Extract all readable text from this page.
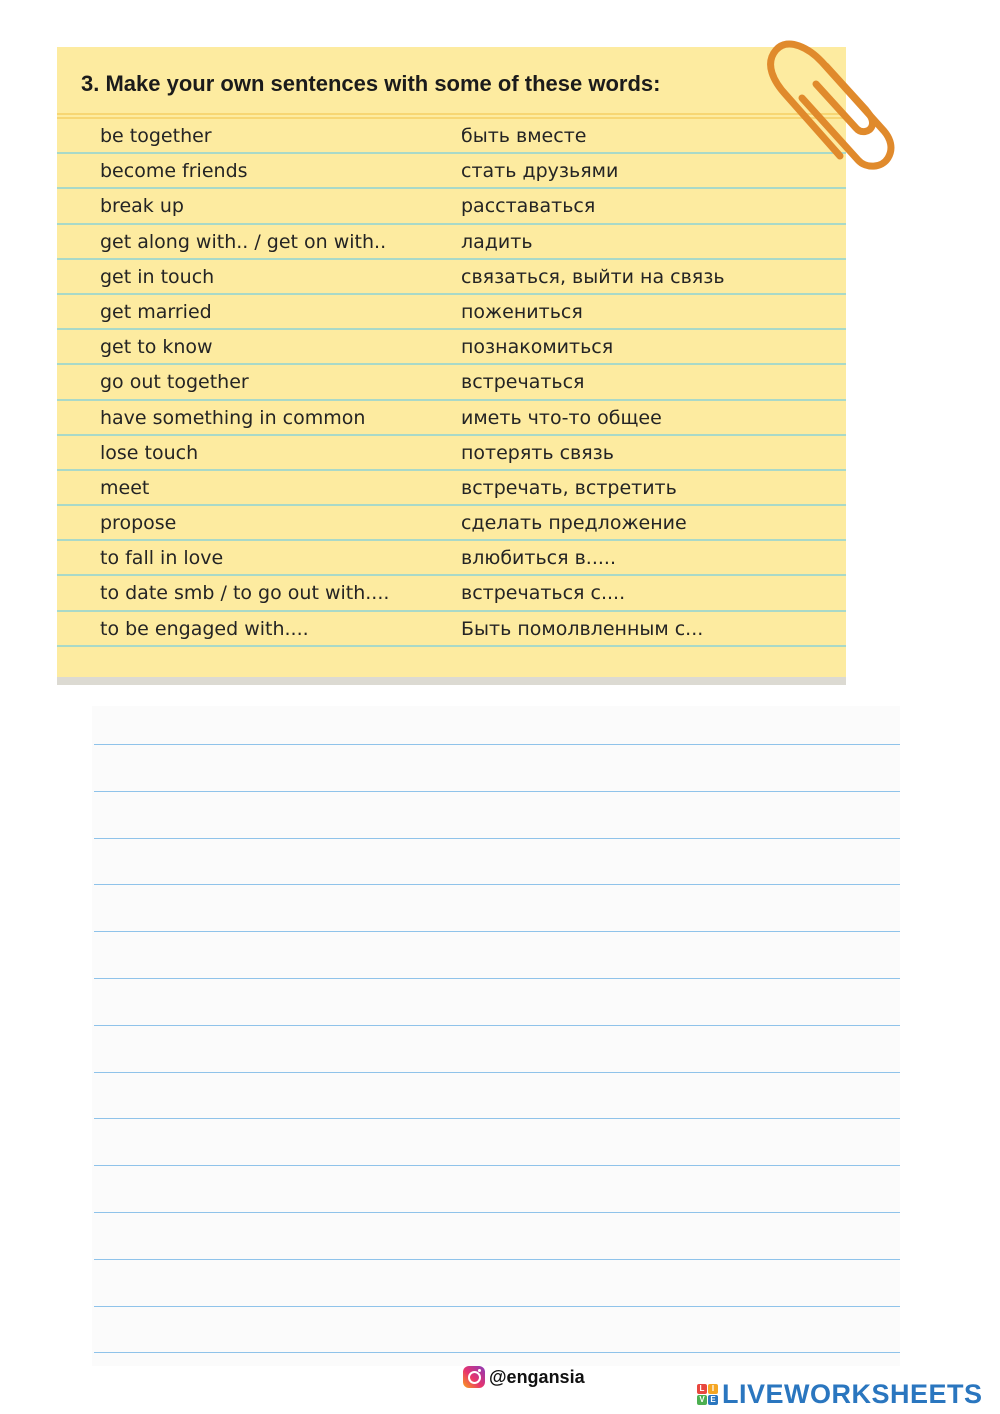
3. Make your own sentences with some of these words:
be together	быть вместе
become friends	стать друзьями
break up	расставаться
get along with.. / get on with..	ладить
get in touch	связаться, выйти на связь
get married	пожениться
get to know	познакомиться
go out together	встречаться
have something in common	иметь что-то общее
lose touch	потерять связь
meet	встречать, встретить
propose	сделать предложение
to fall in love	влюбиться в.....
to date smb / to go out with....	встречаться с....
to be engaged with....	Быть помолвленным с...
@engansia
L I
V E LIVEWORKSHEETS
